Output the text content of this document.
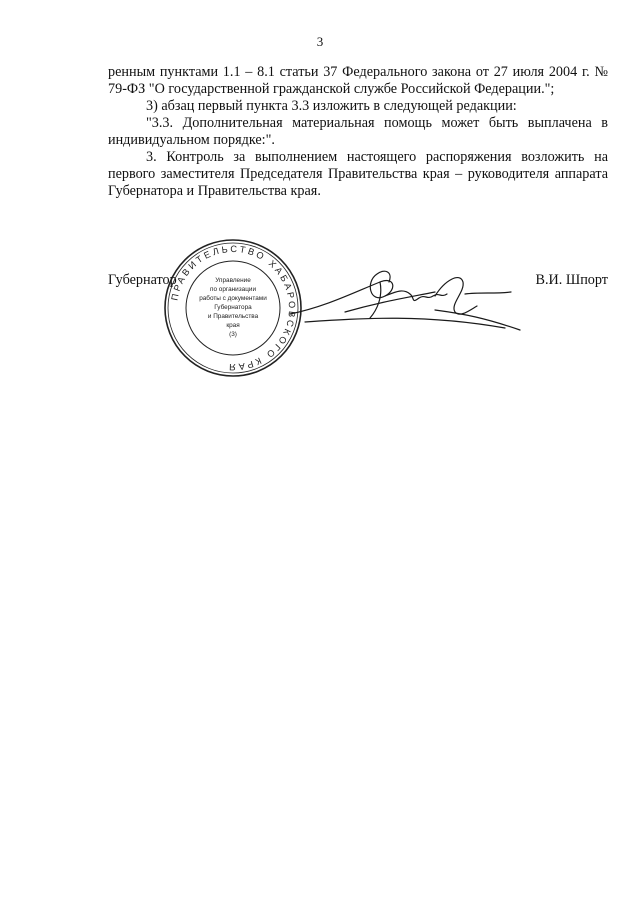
3

ренным пунктами 1.1 – 8.1 статьи 37 Федерального закона от 27 июля 2004 г. № 79-ФЗ "О государственной гражданской службе Российской Федерации.";

3) абзац первый пункта 3.3 изложить в следующей редакции:

"3.3. Дополнительная материальная помощь может быть выплачена в индивидуальном порядке:".

3. Контроль за выполнением настоящего распоряжения возложить на первого заместителя Председателя Правительства края – руководителя аппарата Губернатора и Правительства края.

Губернатор	В.И. Шпорт
ПРАВИТЕЛЬСТВО ХАБАРОВСКОГО КРАЯ
Управление
по организации
работы с документами
Губернатора
и Правительства
края
(3)
